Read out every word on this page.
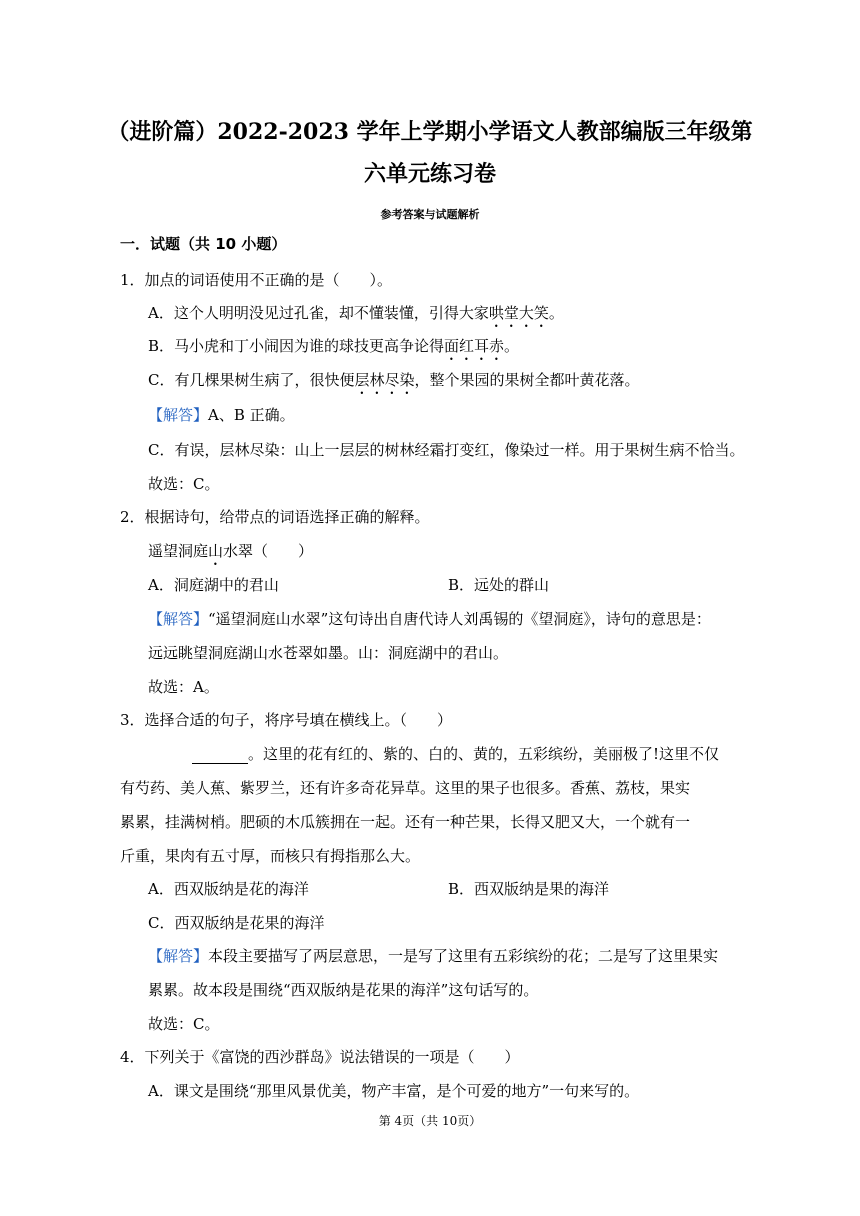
（进阶篇）2022-2023 学年上学期小学语文人教部编版三年级第
六单元练习卷
参考答案与试题解析
一．试题（共 10 小题）
1．加点的词语使用不正确的是（　　）。
A．这个人明明没见过孔雀，却不懂装懂，引得大家哄堂大笑。
B．马小虎和丁小闹因为谁的球技更高争论得面红耳赤。
C．有几棵果树生病了，很快便层林尽染，整个果园的果树全都叶黄花落。
【解答】A、B 正确。
C．有误，层林尽染：山上一层层的树林经霜打变红，像染过一样。用于果树生病不恰当。
故选：C。
2．根据诗句，给带点的词语选择正确的解释。
遥望洞庭山水翠（　　）
A．洞庭湖中的君山	B．远处的群山
【解答】“遥望洞庭山水翠”这句诗出自唐代诗人刘禹锡的《望洞庭》，诗句的意思是：
远远眺望洞庭湖山水苍翠如墨。山：洞庭湖中的君山。
故选：A。
3．选择合适的句子，将序号填在横线上。（　　）
。这里的花有红的、紫的、白的、黄的，五彩缤纷，美丽极了!这里不仅
有芍药、美人蕉、紫罗兰，还有许多奇花异草。这里的果子也很多。香蕉、荔枝，果实
累累，挂满树梢。肥硕的木瓜簇拥在一起。还有一种芒果，长得又肥又大，一个就有一
斤重，果肉有五寸厚，而核只有拇指那么大。
A．西双版纳是花的海洋	B．西双版纳是果的海洋
C．西双版纳是花果的海洋
【解答】本段主要描写了两层意思，一是写了这里有五彩缤纷的花；二是写了这里果实
累累。故本段是围绕“西双版纳是花果的海洋”这句话写的。
故选：C。
4．下列关于《富饶的西沙群岛》说法错误的一项是（　　）
A．课文是围绕“那里风景优美，物产丰富，是个可爱的地方”一句来写的。
第 4页（共 10页）
